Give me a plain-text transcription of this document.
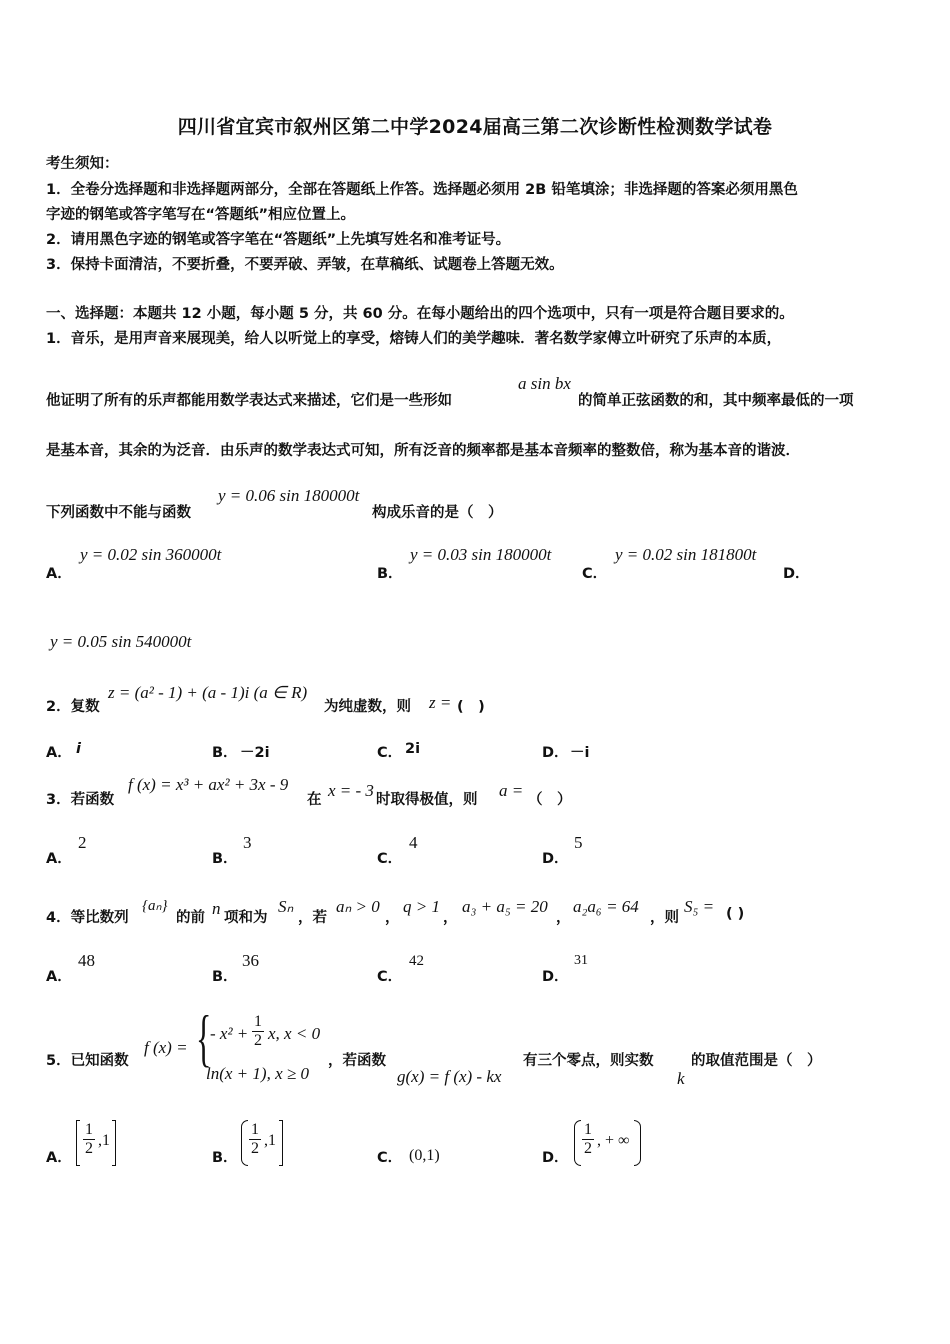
四川省宜宾市叙州区第二中学2024届高三第二次诊断性检测数学试卷
考生须知：
1．全卷分选择题和非选择题两部分，全部在答题纸上作答。选择题必须用 2B 铅笔填涂；非选择题的答案必须用黑色
字迹的钢笔或答字笔写在“答题纸”相应位置上。
2．请用黑色字迹的钢笔或答字笔在“答题纸”上先填写姓名和准考证号。
3．保持卡面清洁，不要折叠，不要弄破、弄皱，在草稿纸、试题卷上答题无效。
一、选择题：本题共 12 小题，每小题 5 分，共 60 分。在每小题给出的四个选项中，只有一项是符合题目要求的。
1．音乐，是用声音来展现美，给人以听觉上的享受，熔铸人们的美学趣味．著名数学家傅立叶研究了乐声的本质，
他证明了所有的乐声都能用数学表达式来描述，它们是一些形如
a sin bx
的简单正弦函数的和，其中频率最低的一项
是基本音，其余的为泛音．由乐声的数学表达式可知，所有泛音的频率都是基本音频率的整数倍，称为基本音的谐波．
下列函数中不能与函数
y = 0.06 sin 180000t
构成乐音的是（　）
A．
y = 0.02 sin 360000t
B．
y = 0.03 sin 180000t
C．
y = 0.02 sin 181800t
D．
y = 0.05 sin 540000t
2．复数
z = (a² - 1) + (a - 1)i (a ∈ R)
为纯虚数，则 z = (　)
A． i	B． －2i	C． 2i	D． －i
3．若函数
f (x) = x³ + ax² + 3x - 9
在 x = - 3 时取得极值，则 a = （　）
A．
2
B．
3
C．
4
D．
5
4．等比数列
{aₙ}
的前 n 项和为
Sₙ
，若
aₙ > 0
，
q > 1
，
a₃ + a₅ = 20
，
a₂a₆ = 64
，则
S₅ = ( )
A．
48
B．
36
C．
42
D．
31
5．已知函数
f (x) = {
- $x^2 + \frac{1}{2} x$, x < 0
ln(x + 1), x ≥ 0
，若函数
g(x) = f (x) - kx
有三个零点，则实数
k
的取值范围是（　）
A．
$\frac{1}{2} ,1$
B．
$\frac{1}{2} ,1$
C． (0,1)	D．
$\frac{1}{2}$ , + ∞
